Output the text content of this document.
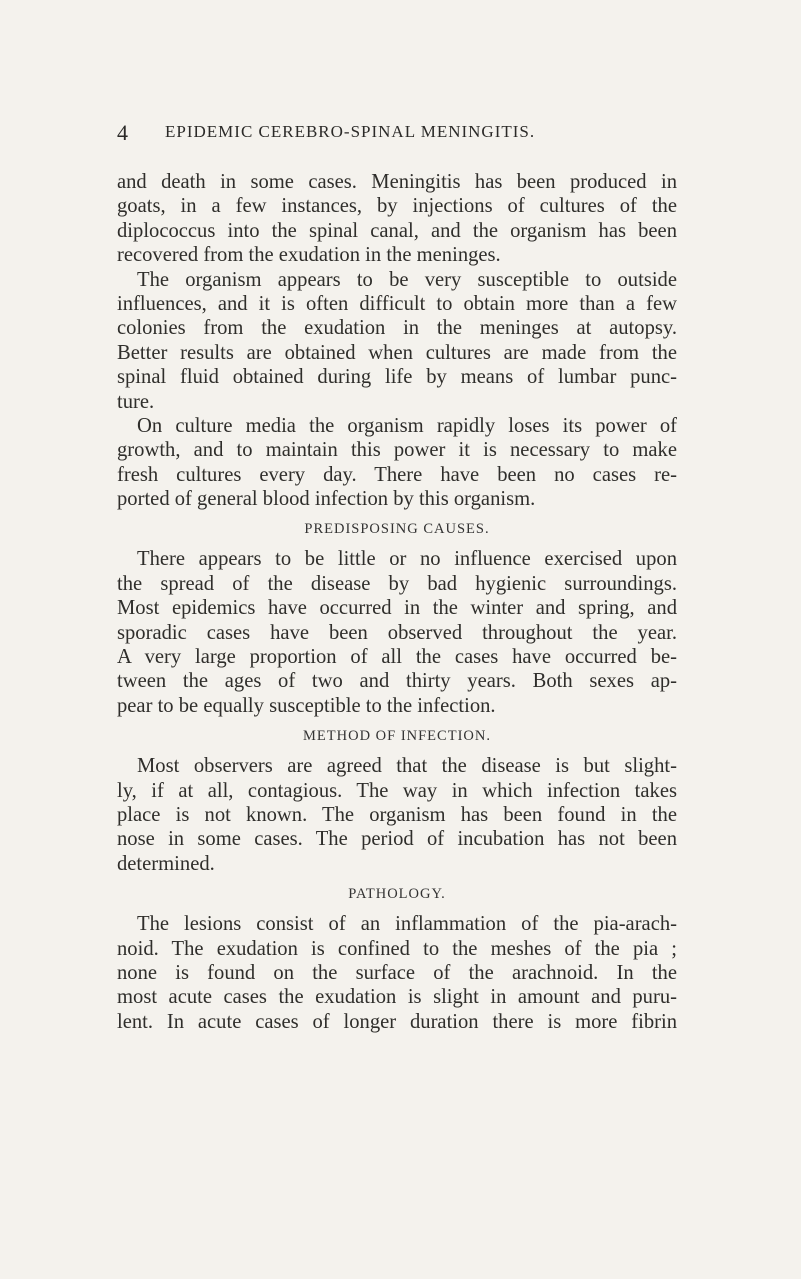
4 EPIDEMIC CEREBRO-SPINAL MENINGITIS.
and death in some cases. Meningitis has been produced in
goats, in a few instances, by injections of cultures of the
diplococcus into the spinal canal, and the organism has been
recovered from the exudation in the meninges.
The organism appears to be very susceptible to outside
influences, and it is often difficult to obtain more than a few
colonies from the exudation in the meninges at autopsy.
Better results are obtained when cultures are made from the
spinal fluid obtained during life by means of lumbar punc-
ture.
On culture media the organism rapidly loses its power of
growth, and to maintain this power it is necessary to make
fresh cultures every day. There have been no cases re-
ported of general blood infection by this organism.
PREDISPOSING CAUSES.
There appears to be little or no influence exercised upon
the spread of the disease by bad hygienic surroundings.
Most epidemics have occurred in the winter and spring, and
sporadic cases have been observed throughout the year.
A very large proportion of all the cases have occurred be-
tween the ages of two and thirty years. Both sexes ap-
pear to be equally susceptible to the infection.
METHOD OF INFECTION.
Most observers are agreed that the disease is but slight-
ly, if at all, contagious. The way in which infection takes
place is not known. The organism has been found in the
nose in some cases. The period of incubation has not been
determined.
PATHOLOGY.
The lesions consist of an inflammation of the pia-arach-
noid. The exudation is confined to the meshes of the pia ;
none is found on the surface of the arachnoid. In the
most acute cases the exudation is slight in amount and puru-
lent. In acute cases of longer duration there is more fibrin
